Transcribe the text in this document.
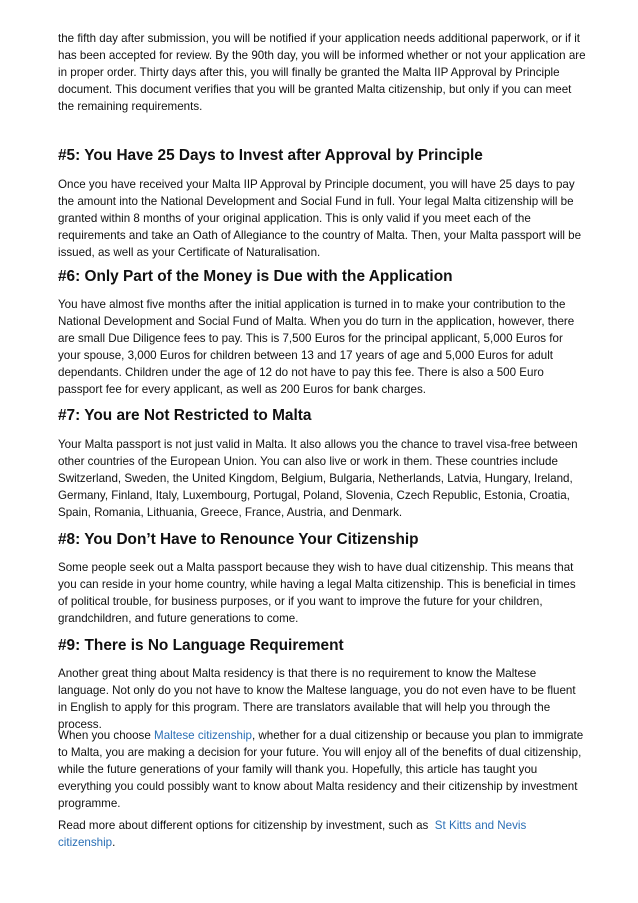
the fifth day after submission, you will be notified if your application needs additional paperwork, or if it has been accepted for review. By the 90th day, you will be informed whether or not your application are in proper order. Thirty days after this, you will finally be granted the Malta IIP Approval by Principle document. This document verifies that you will be granted Malta citizenship, but only if you can meet the remaining requirements.

#5: You Have 25 Days to Invest after Approval by Principle

Once you have received your Malta IIP Approval by Principle document, you will have 25 days to pay the amount into the National Development and Social Fund in full. Your legal Malta citizenship will be granted within 8 months of your original application. This is only valid if you meet each of the requirements and take an Oath of Allegiance to the country of Malta. Then, your Malta passport will be issued, as well as your Certificate of Naturalisation.

#6: Only Part of the Money is Due with the Application

You have almost five months after the initial application is turned in to make your contribution to the National Development and Social Fund of Malta. When you do turn in the application, however, there are small Due Diligence fees to pay. This is 7,500 Euros for the principal applicant, 5,000 Euros for your spouse, 3,000 Euros for children between 13 and 17 years of age and 5,000 Euros for adult dependants. Children under the age of 12 do not have to pay this fee. There is also a 500 Euro passport fee for every applicant, as well as 200 Euros for bank charges.

#7: You are Not Restricted to Malta

Your Malta passport is not just valid in Malta. It also allows you the chance to travel visa-free between other countries of the European Union. You can also live or work in them. These countries include Switzerland, Sweden, the United Kingdom, Belgium, Bulgaria, Netherlands, Latvia, Hungary, Ireland, Germany, Finland, Italy, Luxembourg, Portugal, Poland, Slovenia, Czech Republic, Estonia, Croatia, Spain, Romania, Lithuania, Greece, France, Austria, and Denmark.

#8: You Don’t Have to Renounce Your Citizenship

Some people seek out a Malta passport because they wish to have dual citizenship. This means that you can reside in your home country, while having a legal Malta citizenship. This is beneficial in times of political trouble, for business purposes, or if you want to improve the future for your children, grandchildren, and future generations to come.

#9: There is No Language Requirement

Another great thing about Malta residency is that there is no requirement to know the Maltese language. Not only do you not have to know the Maltese language, you do not even have to be fluent in English to apply for this program. There are translators available that will help you through the process.

When you choose Maltese citizenship, whether for a dual citizenship or because you plan to immigrate to Malta, you are making a decision for your future. You will enjoy all of the benefits of dual citizenship, while the future generations of your family will thank you. Hopefully, this article has taught you everything you could possibly want to know about Malta residency and their citizenship by investment programme.

Read more about different options for citizenship by investment, such as  St Kitts and Nevis citizenship.
